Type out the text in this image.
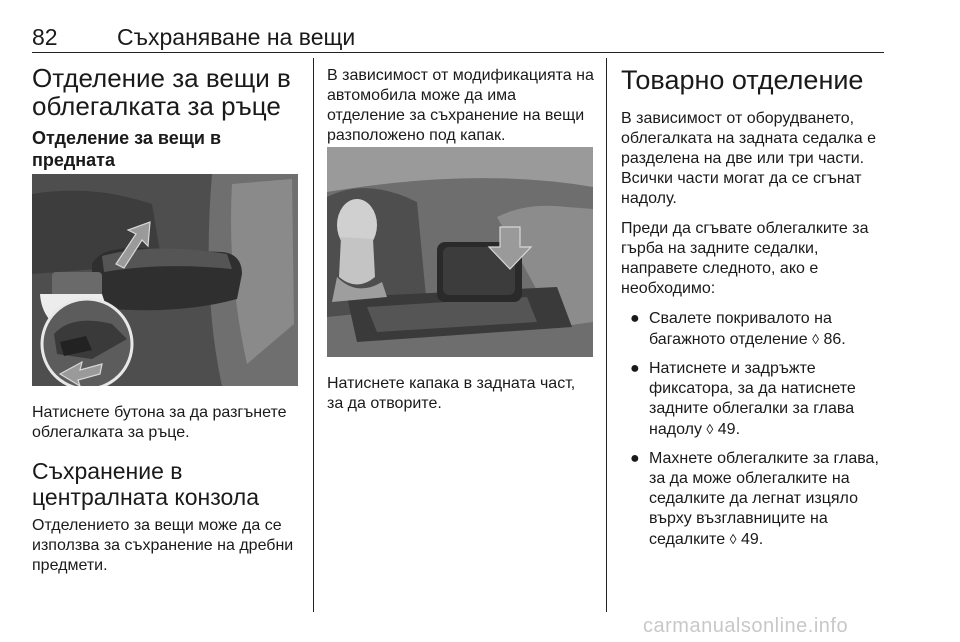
82	Съхраняване на вещи
Отделение за вещи в
облегалката за ръце
Отделение за вещи в предната

Натиснете бутона за да разгънете
облегалката за ръце.

Съхранение в
централната конзола

Отделението за вещи може да се
използва за съхранение на дребни
предмети.

В зависимост от модификацията на
автомобила може да има
отделение за съхранение на вещи
разположено под капак.

Натиснете капака в задната част,
за да отворите.

Товарно отделение

В зависимост от оборудването,
облегалката на задната седалка е
разделена на две или три части.
Всички части могат да се сгънат
надолу.

Преди да сгъвате облегалките за
гърба на задните седалки,
направете следното, ако е
необходимо:

● Свалете покривалото на
багажното отделение ◊ 86.
● Натиснете и задръжте
фиксатора, за да натиснете
задните облегалки за глава
надолу ◊ 49.
● Махнете облегалките за глава,
за да може облегалките на
седалките да легнат изцяло
върху възглавниците на
седалките ◊ 49.
carmanualsonline.info
